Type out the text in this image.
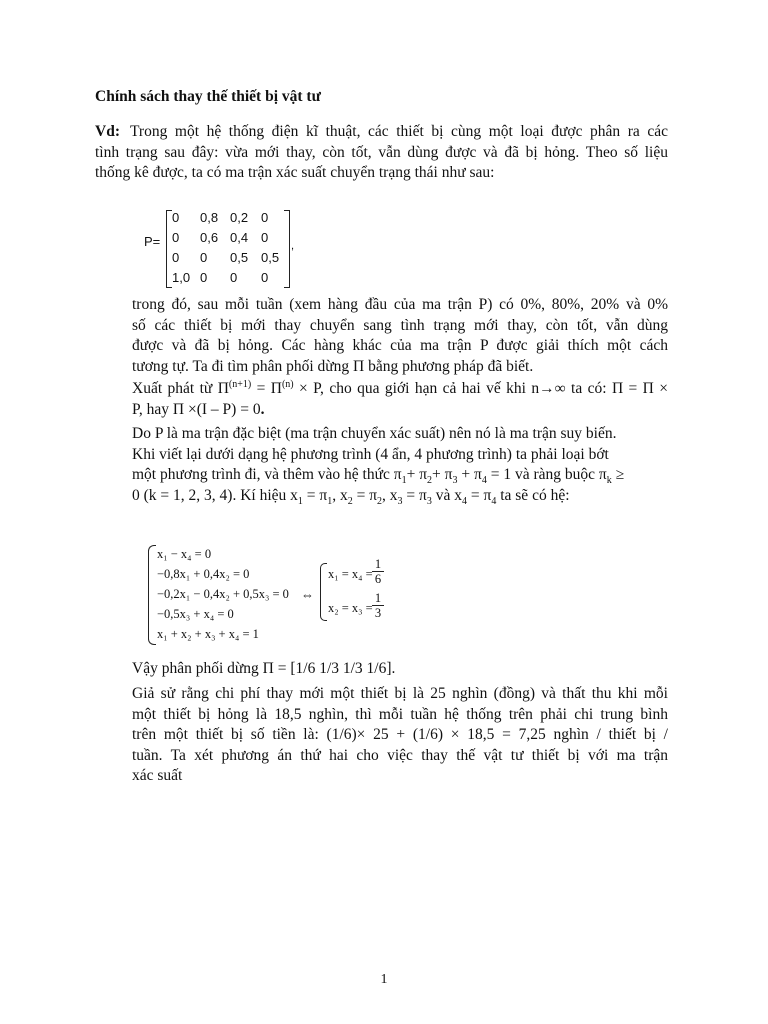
Chính sách thay thế thiết bị vật tư
Vd: Trong một hệ thống điện kĩ thuật, các thiết bị cùng một loại được phân ra các
tình trạng sau đây: vừa mới thay, còn tốt, vẫn dùng được và đã bị hỏng. Theo số liệu
thống kê được, ta có ma trận xác suất chuyển trạng thái như sau:
P=
0 0,8 0,2 0
0 0,6 0,4 0
0 0 0,5 0,5
1,0 0 0 0
,
trong đó, sau mỗi tuần (xem hàng đầu của ma trận P) có 0%, 80%, 20% và 0%
số các thiết bị mới thay chuyển sang tình trạng mới thay, còn tốt, vẫn dùng
được và đã bị hỏng. Các hàng khác của ma trận P được giải thích một cách
tương tự. Ta đi tìm phân phối dừng Π bằng phương pháp đã biết.
Xuất phát từ $\Pi^{(n+1)} = \Pi^{(n)} \times P$, cho qua giới hạn cả hai vế khi n→∞ ta có: Π = Π ×
P, hay Π ×(I – P) = 0.
Do P là ma trận đặc biệt (ma trận chuyển xác suất) nên nó là ma trận suy biến.
Khi viết lại dưới dạng hệ phương trình (4 ẩn, 4 phương trình) ta phải loại bớt
một phương trình đi, và thêm vào hệ thức $\pi_1+ \pi_2+ \pi_3 + \pi_4 = 1$ và ràng buộc $\pi_k$ ≥
0 (k = 1, 2, 3, 4). Kí hiệu $x_1 = \pi_1$, $x_2 = \pi_2$, $x_3 = \pi_3$ và $x_4 = \pi_4$ ta sẽ có hệ:
x₁ − x₄ = 0
−0,8x₁ + 0,4x₂ = 0
−0,2x₁ − 0,4x₂ + 0,5x₃ = 0
−0,5x₃ + x₄ = 0
x₁ + x₂ + x₃ + x₄ = 1
⇔
$x_1 = x_4 = \frac{1}{6}$
$x_2 = x_3 = \frac{1}{3}$
Vậy phân phối dừng Π = [1/6 1/3 1/3 1/6].
Giả sử rằng chi phí thay mới một thiết bị là 25 nghìn (đồng) và thất thu khi mỗi
một thiết bị hỏng là 18,5 nghìn, thì mỗi tuần hệ thống trên phải chi trung bình
trên một thiết bị số tiền là: (1/6)× 25 + (1/6) × 18,5 = 7,25 nghìn / thiết bị /
tuần. Ta xét phương án thứ hai cho việc thay thế vật tư thiết bị với ma trận
xác suất
1
